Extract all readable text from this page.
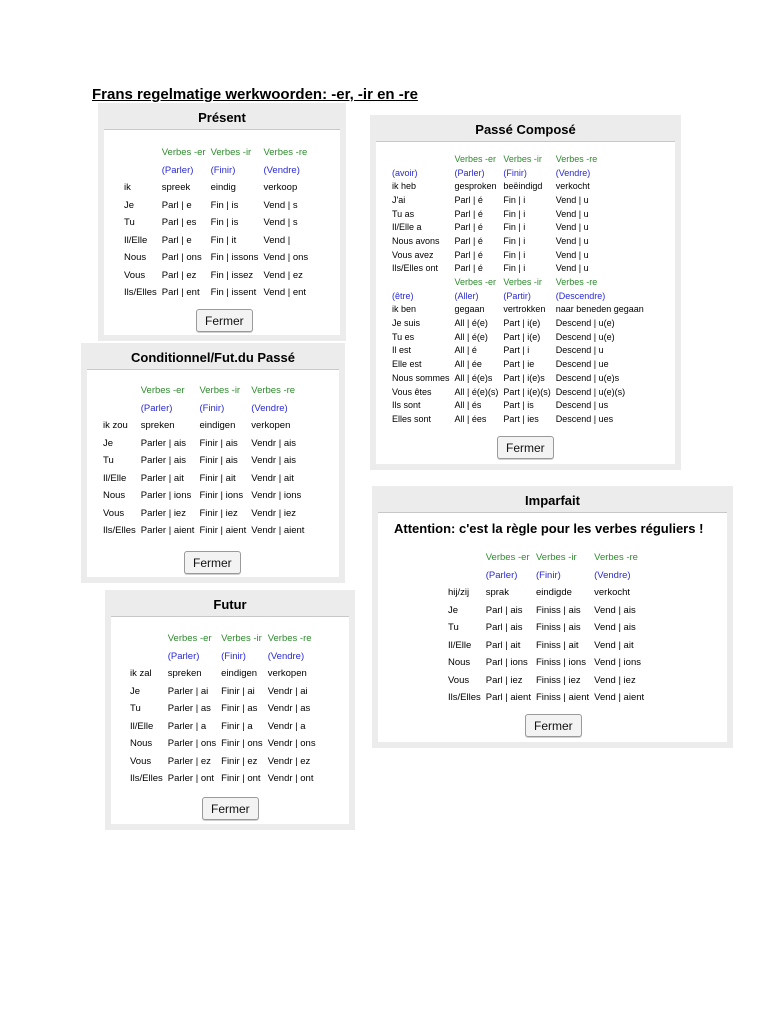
Frans regelmatige werkwoorden: -er, -ir en -re
Présent
	Verbes -er	Verbes -ir	Verbes -re
	(Parler)	(Finir)	(Vendre)
ik	spreek	eindig	verkoop
Je	Parl | e	Fin | is	Vend | s
Tu	Parl | es	Fin | is	Vend | s
Il/Elle	Parl | e	Fin | it	Vend |
Nous	Parl | ons	Fin | issons	Vend | ons
Vous	Parl | ez	Fin | issez	Vend | ez
Ils/Elles	Parl | ent	Fin | issent	Vend | ent
Fermer
Conditionnel/Fut.du Passé
	Verbes -er	Verbes -ir	Verbes -re
	(Parler)	(Finir)	(Vendre)
ik zou	spreken	eindigen	verkopen
Je	Parler | ais	Finir | ais	Vendr | ais
Tu	Parler | ais	Finir | ais	Vendr | ais
Il/Elle	Parler | ait	Finir | ait	Vendr | ait
Nous	Parler | ions	Finir | ions	Vendr | ions
Vous	Parler | iez	Finir | iez	Vendr | iez
Ils/Elles	Parler | aient	Finir | aient	Vendr | aient
Fermer
Futur
	Verbes -er	Verbes -ir	Verbes -re
	(Parler)	(Finir)	(Vendre)
ik zal	spreken	eindigen	verkopen
Je	Parler | ai	Finir | ai	Vendr | ai
Tu	Parler | as	Finir | as	Vendr | as
Il/Elle	Parler | a	Finir | a	Vendr | a
Nous	Parler | ons	Finir | ons	Vendr | ons
Vous	Parler | ez	Finir | ez	Vendr | ez
Ils/Elles	Parler | ont	Finir | ont	Vendr | ont
Fermer
Passé Composé
	Verbes -er	Verbes -ir	Verbes -re
(avoir)	(Parler)	(Finir)	(Vendre)
ik heb	gesproken	beëindigd	verkocht
J'ai	Parl | é	Fin | i	Vend | u
Tu as	Parl | é	Fin | i	Vend | u
Il/Elle a	Parl | é	Fin | i	Vend | u
Nous avons	Parl | é	Fin | i	Vend | u
Vous avez	Parl | é	Fin | i	Vend | u
Ils/Elles ont	Parl | é	Fin | i	Vend | u
	Verbes -er	Verbes -ir	Verbes -re
(être)	(Aller)	(Partir)	(Descendre)
ik ben	gegaan	vertrokken	naar beneden gegaan
Je suis	All | é(e)	Part | i(e)	Descend | u(e)
Tu es	All | é(e)	Part | i(e)	Descend | u(e)
Il est	All | é	Part | i	Descend | u
Elle est	All | ée	Part | ie	Descend | ue
Nous sommes	All | é(e)s	Part | i(e)s	Descend | u(e)s
Vous êtes	All | é(e)(s)	Part | i(e)(s)	Descend | u(e)(s)
Ils sont	All | és	Part | is	Descend | us
Elles sont	All | ées	Part | ies	Descend | ues
Fermer
Imparfait
Attention: c'est la règle pour les verbes réguliers !
	Verbes -er	Verbes -ir	Verbes -re
	(Parler)	(Finir)	(Vendre)
hij/zij	sprak	eindigde	verkocht
Je	Parl | ais	Finiss | ais	Vend | ais
Tu	Parl | ais	Finiss | ais	Vend | ais
Il/Elle	Parl | ait	Finiss | ait	Vend | ait
Nous	Parl | ions	Finiss | ions	Vend | ions
Vous	Parl | iez	Finiss | iez	Vend | iez
Ils/Elles	Parl | aient	Finiss | aient	Vend | aient
Fermer
